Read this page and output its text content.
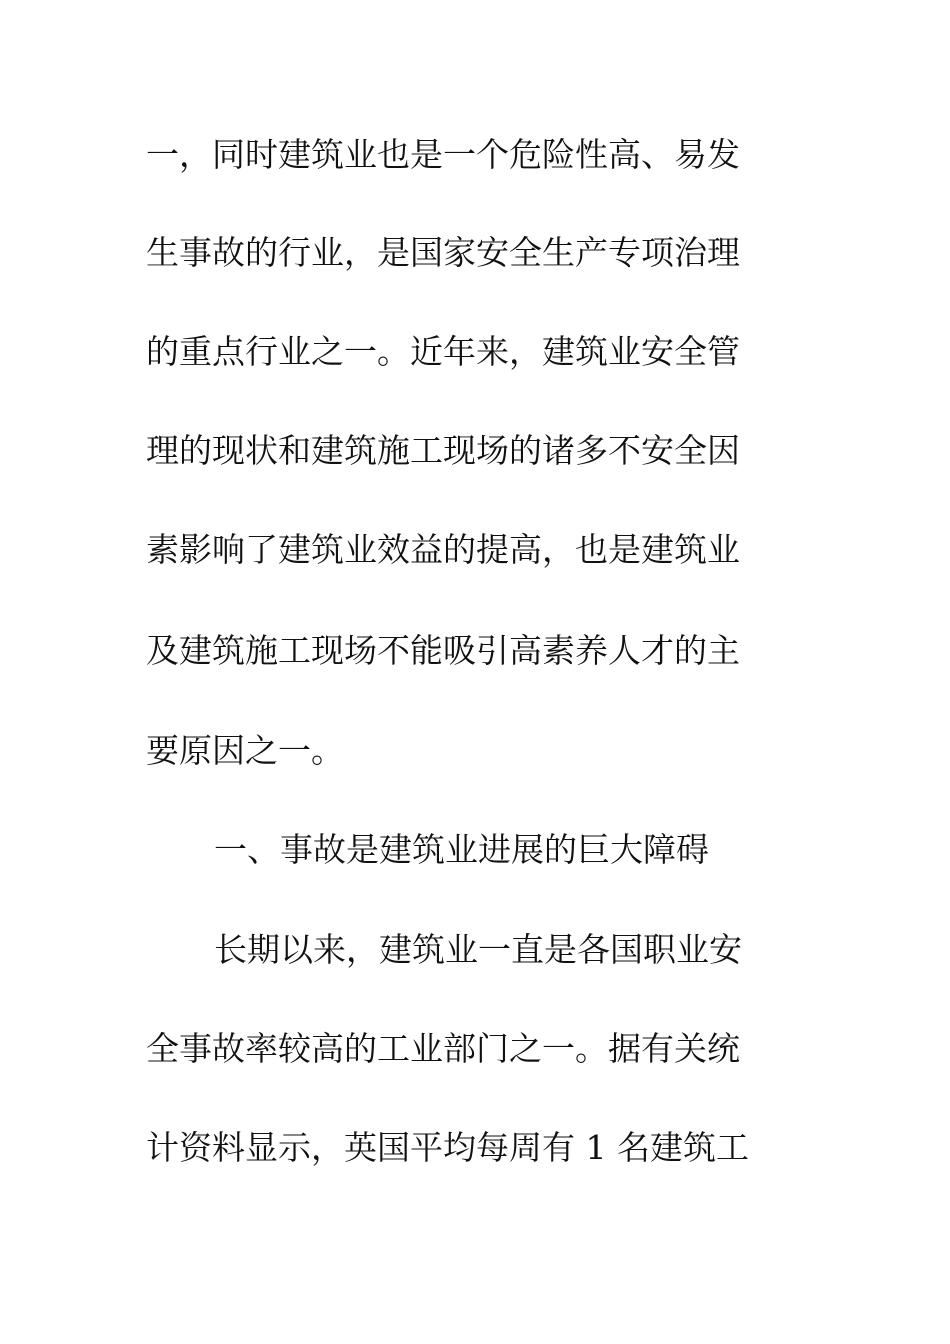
一，同时建筑业也是一个危险性高、易发
生事故的行业，是国家安全生产专项治理
的重点行业之一。近年来，建筑业安全管
理的现状和建筑施工现场的诸多不安全因
素影响了建筑业效益的提高，也是建筑业
及建筑施工现场不能吸引高素养人才的主
要原因之一。
一、事故是建筑业进展的巨大障碍
长期以来，建筑业一直是各国职业安
全事故率较高的工业部门之一。据有关统
计资料显示，英国平均每周有 1 名建筑工
